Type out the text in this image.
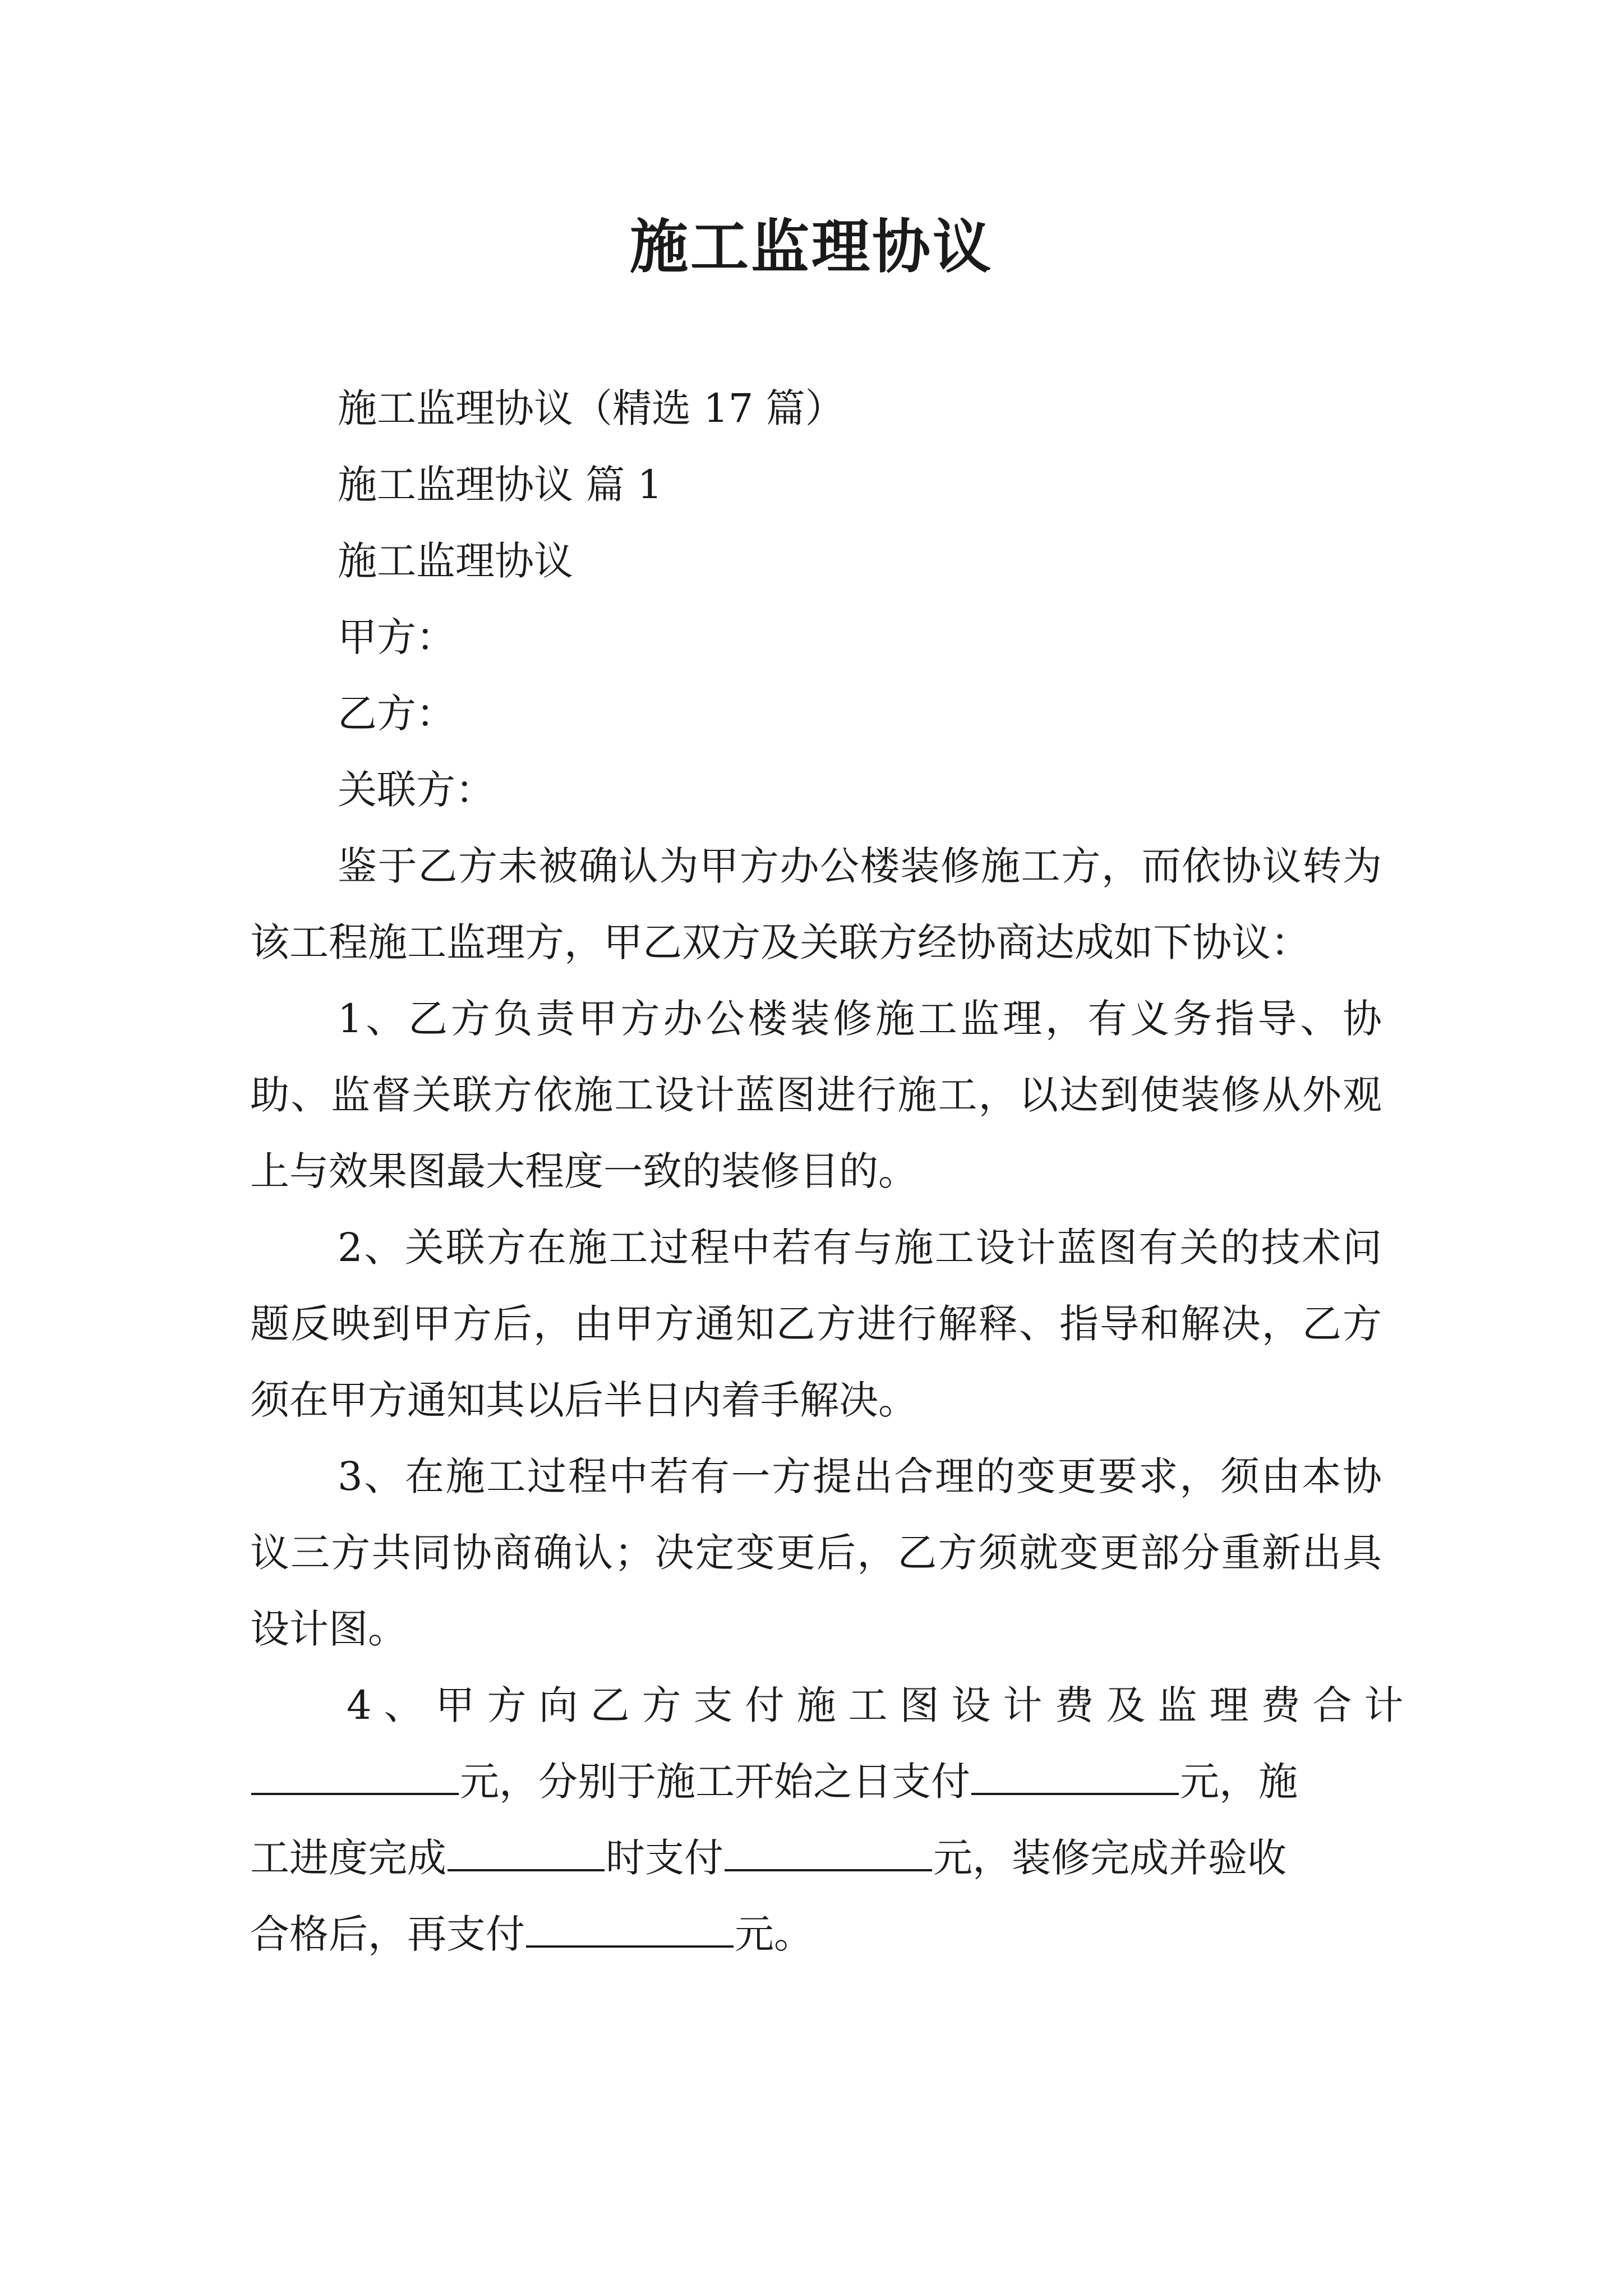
施工监理协议
施工监理协议（精选 17 篇）
施工监理协议 篇 1
施工监理协议
甲方：
乙方：
关联方：

鉴于乙方未被确认为甲方办公楼装修施工方，而依协议转为该工程施工监理方，甲乙双方及关联方经协商达成如下协议：

1、乙方负责甲方办公楼装修施工监理，有义务指导、协助、监督关联方依施工设计蓝图进行施工，以达到使装修从外观上与效果图最大程度一致的装修目的。

2、关联方在施工过程中若有与施工设计蓝图有关的技术问题反映到甲方后，由甲方通知乙方进行解释、指导和解决，乙方须在甲方通知其以后半日内着手解决。

3、在施工过程中若有一方提出合理的变更要求，须由本协议三方共同协商确认；决定变更后，乙方须就变更部分重新出具设计图。

4、甲方向乙方支付施工图设计费及监理费合计
元，分别于施工开始之日支付	元，施
工进度完成	时支付	元，装修完成并验收
合格后，再支付	元。
